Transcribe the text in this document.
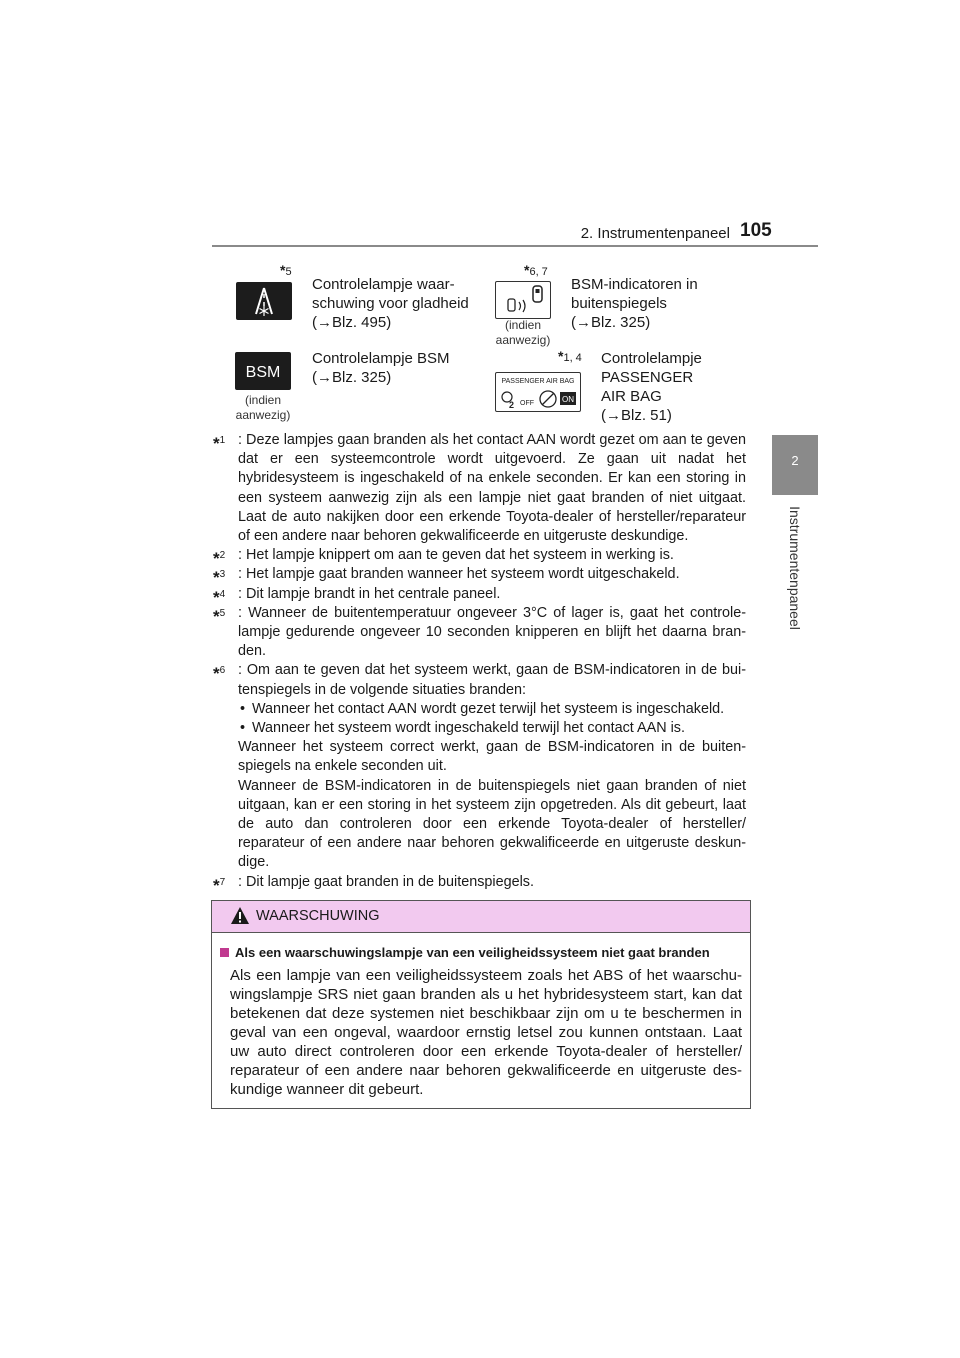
2. Instrumentenpaneel 105
2
Instrumentenpaneel
*5
Controlelampje waar-
schuwing voor gladheid
(→Blz. 495)
*6, 7
(indien
aanwezig)
BSM-indicatoren in
buitenspiegels
(→Blz. 325)
BSM
(indien
aanwezig)
Controlelampje BSM
(→Blz. 325)
*1, 4
PASSENGER AIR BAG
2 OFF	ON
Controlelampje
PASSENGER
AIR BAG
(→Blz. 51)

*$^1$ : Deze lampjes gaan branden als het contact AAN wordt gezet om aan te geven dat er een systeemcontrole wordt uitgevoerd. Ze gaan uit nadat het hybridesysteem is ingeschakeld of na enkele seconden. Er kan een storing in een systeem aanwezig zijn als een lampje niet gaat branden of niet uitgaat. Laat de auto nakijken door een erkende Toyota-dealer of hersteller/reparateur of een andere naar behoren gekwalificeerde en uitgeruste deskundige.

*$^2$ : Het lampje knippert om aan te geven dat het systeem in werking is.

*$^3$ : Het lampje gaat branden wanneer het systeem wordt uitgeschakeld.

*$^4$ : Dit lampje brandt in het centrale paneel.

*$^5$ : Wanneer de buitentemperatuur ongeveer 3°C of lager is, gaat het controle-lampje gedurende ongeveer 10 seconden knipperen en blijft het daarna bran-den.

*$^6$ : Om aan te geven dat het systeem werkt, gaan de BSM-indicatoren in de bui-tenspiegels in de volgende situaties branden:

• Wanneer het contact AAN wordt gezet terwijl het systeem is ingeschakeld.

• Wanneer het systeem wordt ingeschakeld terwijl het contact AAN is.

Wanneer het systeem correct werkt, gaan de BSM-indicatoren in de buiten-spiegels na enkele seconden uit.

Wanneer de BSM-indicatoren in de buitenspiegels niet gaan branden of niet uitgaan, kan er een storing in het systeem zijn opgetreden. Als dit gebeurt, laat de auto dan controleren door een erkende Toyota-dealer of hersteller/ reparateur of een andere naar behoren gekwalificeerde en uitgeruste deskun-dige.

*$^7$ : Dit lampje gaat branden in de buitenspiegels.

WAARSCHUWING
Als een waarschuwingslampje van een veiligheidssysteem niet gaat branden
Als een lampje van een veiligheidssysteem zoals het ABS of het waarschu-wingslampje SRS niet gaan branden als u het hybridesysteem start, kan dat betekenen dat deze systemen niet beschikbaar zijn om u te beschermen in geval van een ongeval, waardoor ernstig letsel zou kunnen ontstaan. Laat uw auto direct controleren door een erkende Toyota-dealer of hersteller/ reparateur of een andere naar behoren gekwalificeerde en uitgeruste des-kundige wanneer dit gebeurt.
